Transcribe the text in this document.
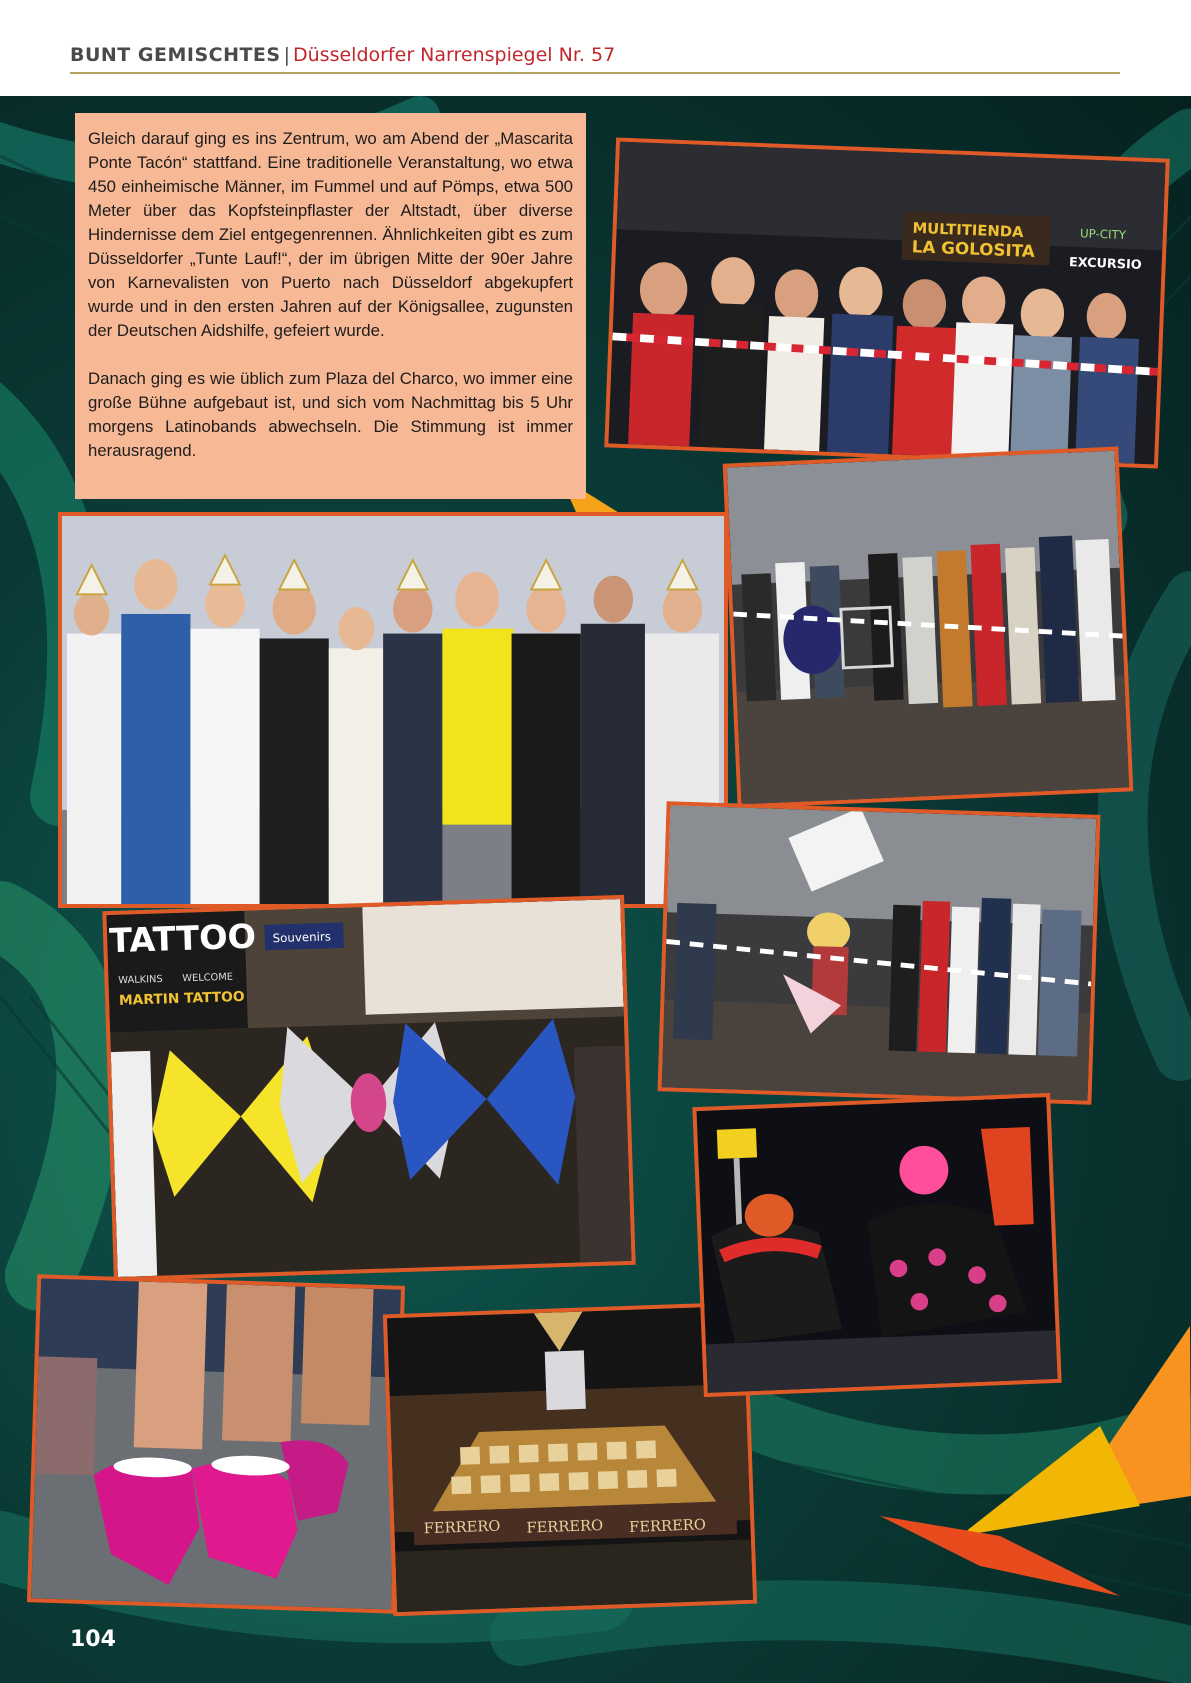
BUNT GEMISCHTES | Düsseldorfer Narrenspiegel Nr. 57

Gleich darauf ging es ins Zentrum, wo am Abend der „Mascarita Ponte Tacón“ stattfand. Eine traditionelle Veranstaltung, wo etwa 450 einheimische Männer, im Fummel und auf Pömps, etwa 500 Meter über das Kopfsteinpflaster der Altstadt, über diverse Hindernisse dem Ziel entgegenrennen. Ähnlichkeiten gibt es zum Düsseldorfer „Tunte Lauf!“, der im übrigen Mitte der 90er Jahre von Karnevalisten von Puerto nach Düsseldorf abgekupfert wurde und in den ersten Jahren auf der Königsallee, zugunsten der Deutschen Aidshilfe, gefeiert wurde.

Danach ging es wie üblich zum Plaza del Charco, wo immer eine große Bühne aufgebaut ist, und sich vom Nachmittag bis 5 Uhr morgens Latinobands abwechseln. Die Stimmung ist immer herausragend.

MULTITIENDA
LA GOLOSITA
UP-CITY
EXCURSIO
TATTOO
MARTIN TATTOO
WALKINS WELCOME
Souvenirs
FERRERO FERRERO FERRERO
104
